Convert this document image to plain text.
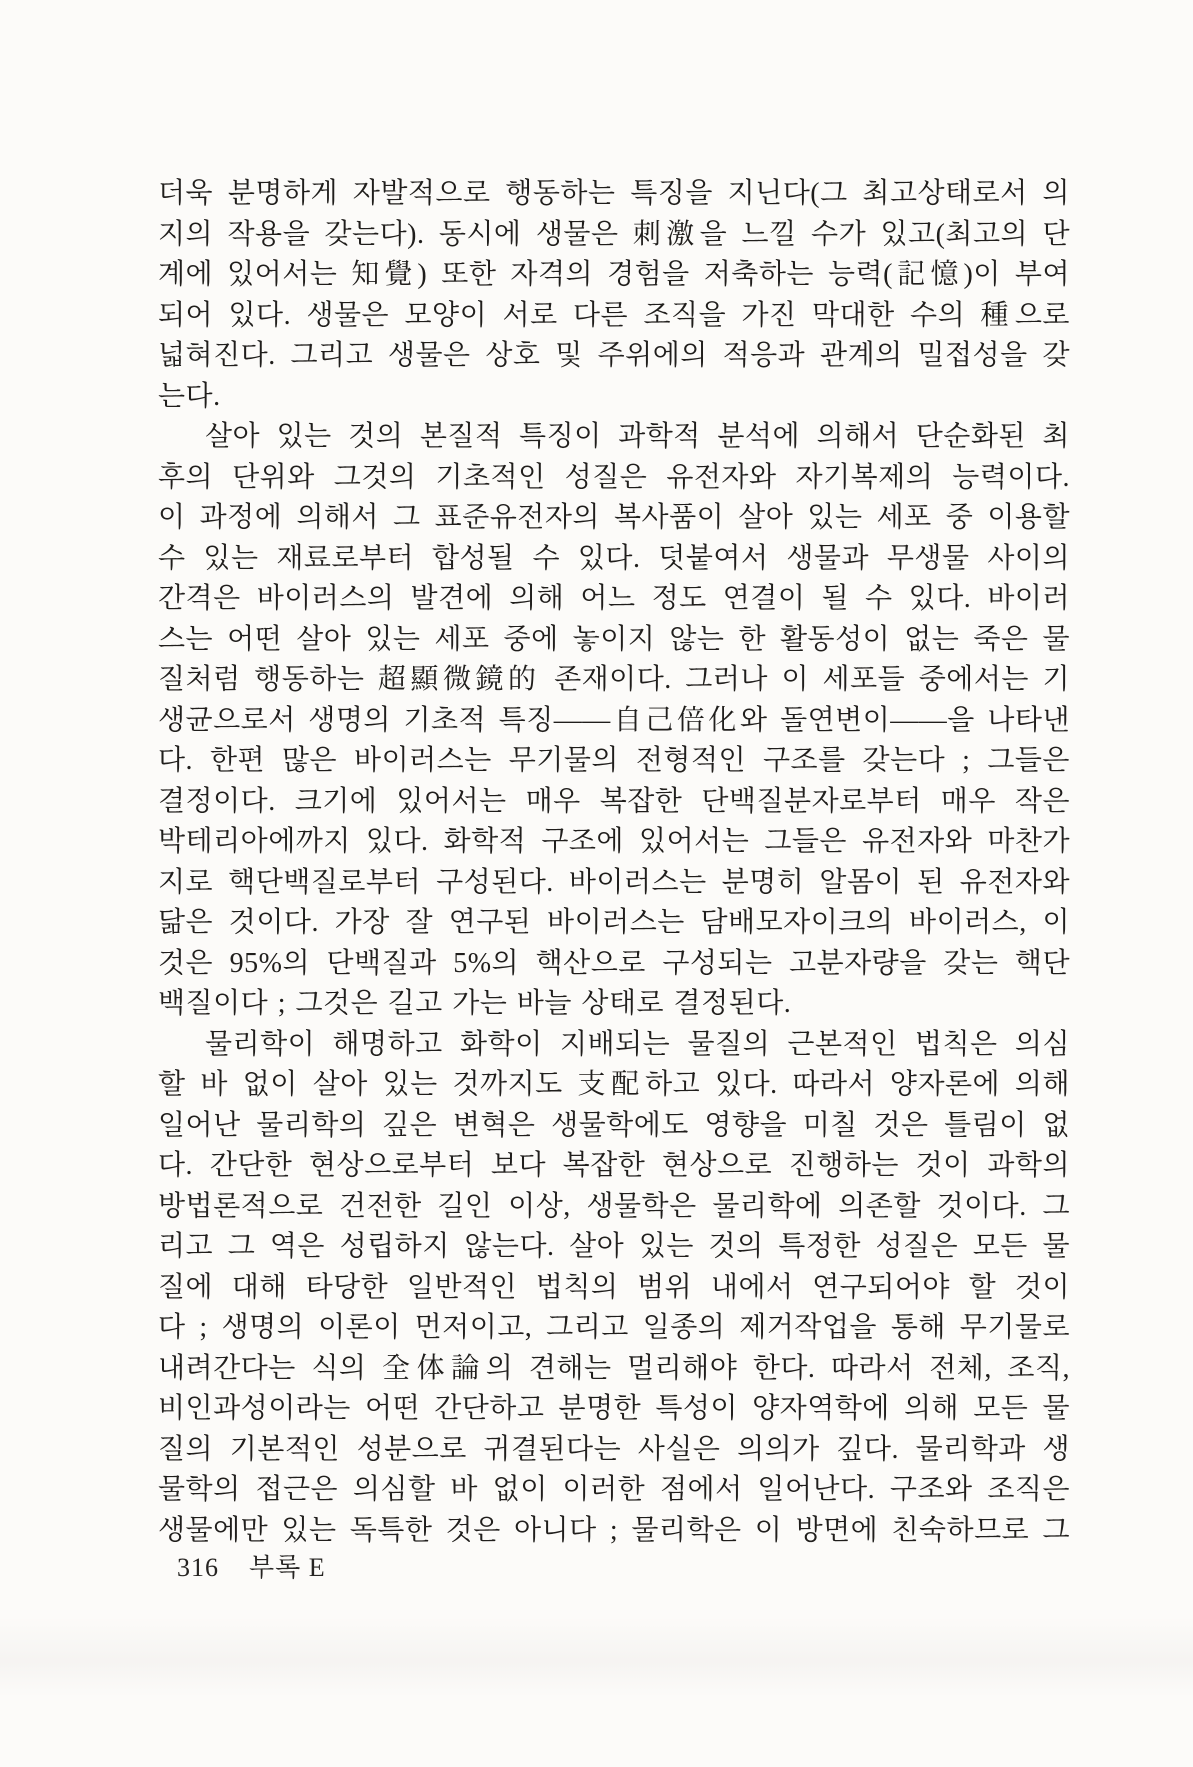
더욱 분명하게 자발적으로 행동하는 특징을 지닌다(그 최고상태로서 의
지의 작용을 갖는다). 동시에 생물은 刺激을 느낄 수가 있고(최고의 단
계에 있어서는 知覺) 또한 자격의 경험을 저축하는 능력(記憶)이 부여
되어 있다. 생물은 모양이 서로 다른 조직을 가진 막대한 수의 種으로
넓혀진다. 그리고 생물은 상호 및 주위에의 적응과 관계의 밀접성을 갖
는다.
살아 있는 것의 본질적 특징이 과학적 분석에 의해서 단순화된 최
후의 단위와 그것의 기초적인 성질은 유전자와 자기복제의 능력이다.
이 과정에 의해서 그 표준유전자의 복사품이 살아 있는 세포 중 이용할
수 있는 재료로부터 합성될 수 있다. 덧붙여서 생물과 무생물 사이의
간격은 바이러스의 발견에 의해 어느 정도 연결이 될 수 있다. 바이러
스는 어떤 살아 있는 세포 중에 놓이지 않는 한 활동성이 없는 죽은 물
질처럼 행동하는 超顯微鏡的 존재이다. 그러나 이 세포들 중에서는 기
생균으로서 생명의 기초적 특징——自己倍化와 돌연변이——을 나타낸
다. 한편 많은 바이러스는 무기물의 전형적인 구조를 갖는다 ; 그들은
결정이다. 크기에 있어서는 매우 복잡한 단백질분자로부터 매우 작은
박테리아에까지 있다. 화학적 구조에 있어서는 그들은 유전자와 마찬가
지로 핵단백질로부터 구성된다. 바이러스는 분명히 알몸이 된 유전자와
닮은 것이다. 가장 잘 연구된 바이러스는 담배모자이크의 바이러스, 이
것은 95%의 단백질과 5%의 핵산으로 구성되는 고분자량을 갖는 핵단
백질이다 ; 그것은 길고 가는 바늘 상태로 결정된다.
물리학이 해명하고 화학이 지배되는 물질의 근본적인 법칙은 의심
할 바 없이 살아 있는 것까지도 支配하고 있다. 따라서 양자론에 의해
일어난 물리학의 깊은 변혁은 생물학에도 영향을 미칠 것은 틀림이 없
다. 간단한 현상으로부터 보다 복잡한 현상으로 진행하는 것이 과학의
방법론적으로 건전한 길인 이상, 생물학은 물리학에 의존할 것이다. 그
리고 그 역은 성립하지 않는다. 살아 있는 것의 특정한 성질은 모든 물
질에 대해 타당한 일반적인 법칙의 범위 내에서 연구되어야 할 것이
다 ; 생명의 이론이 먼저이고, 그리고 일종의 제거작업을 통해 무기물로
내려간다는 식의 全体論의 견해는 멀리해야 한다. 따라서 전체, 조직,
비인과성이라는 어떤 간단하고 분명한 특성이 양자역학에 의해 모든 물
질의 기본적인 성분으로 귀결된다는 사실은 의의가 깊다. 물리학과 생
물학의 접근은 의심할 바 없이 이러한 점에서 일어난다. 구조와 조직은
생물에만 있는 독특한 것은 아니다 ; 물리학은 이 방면에 친숙하므로 그
316 부록 E
